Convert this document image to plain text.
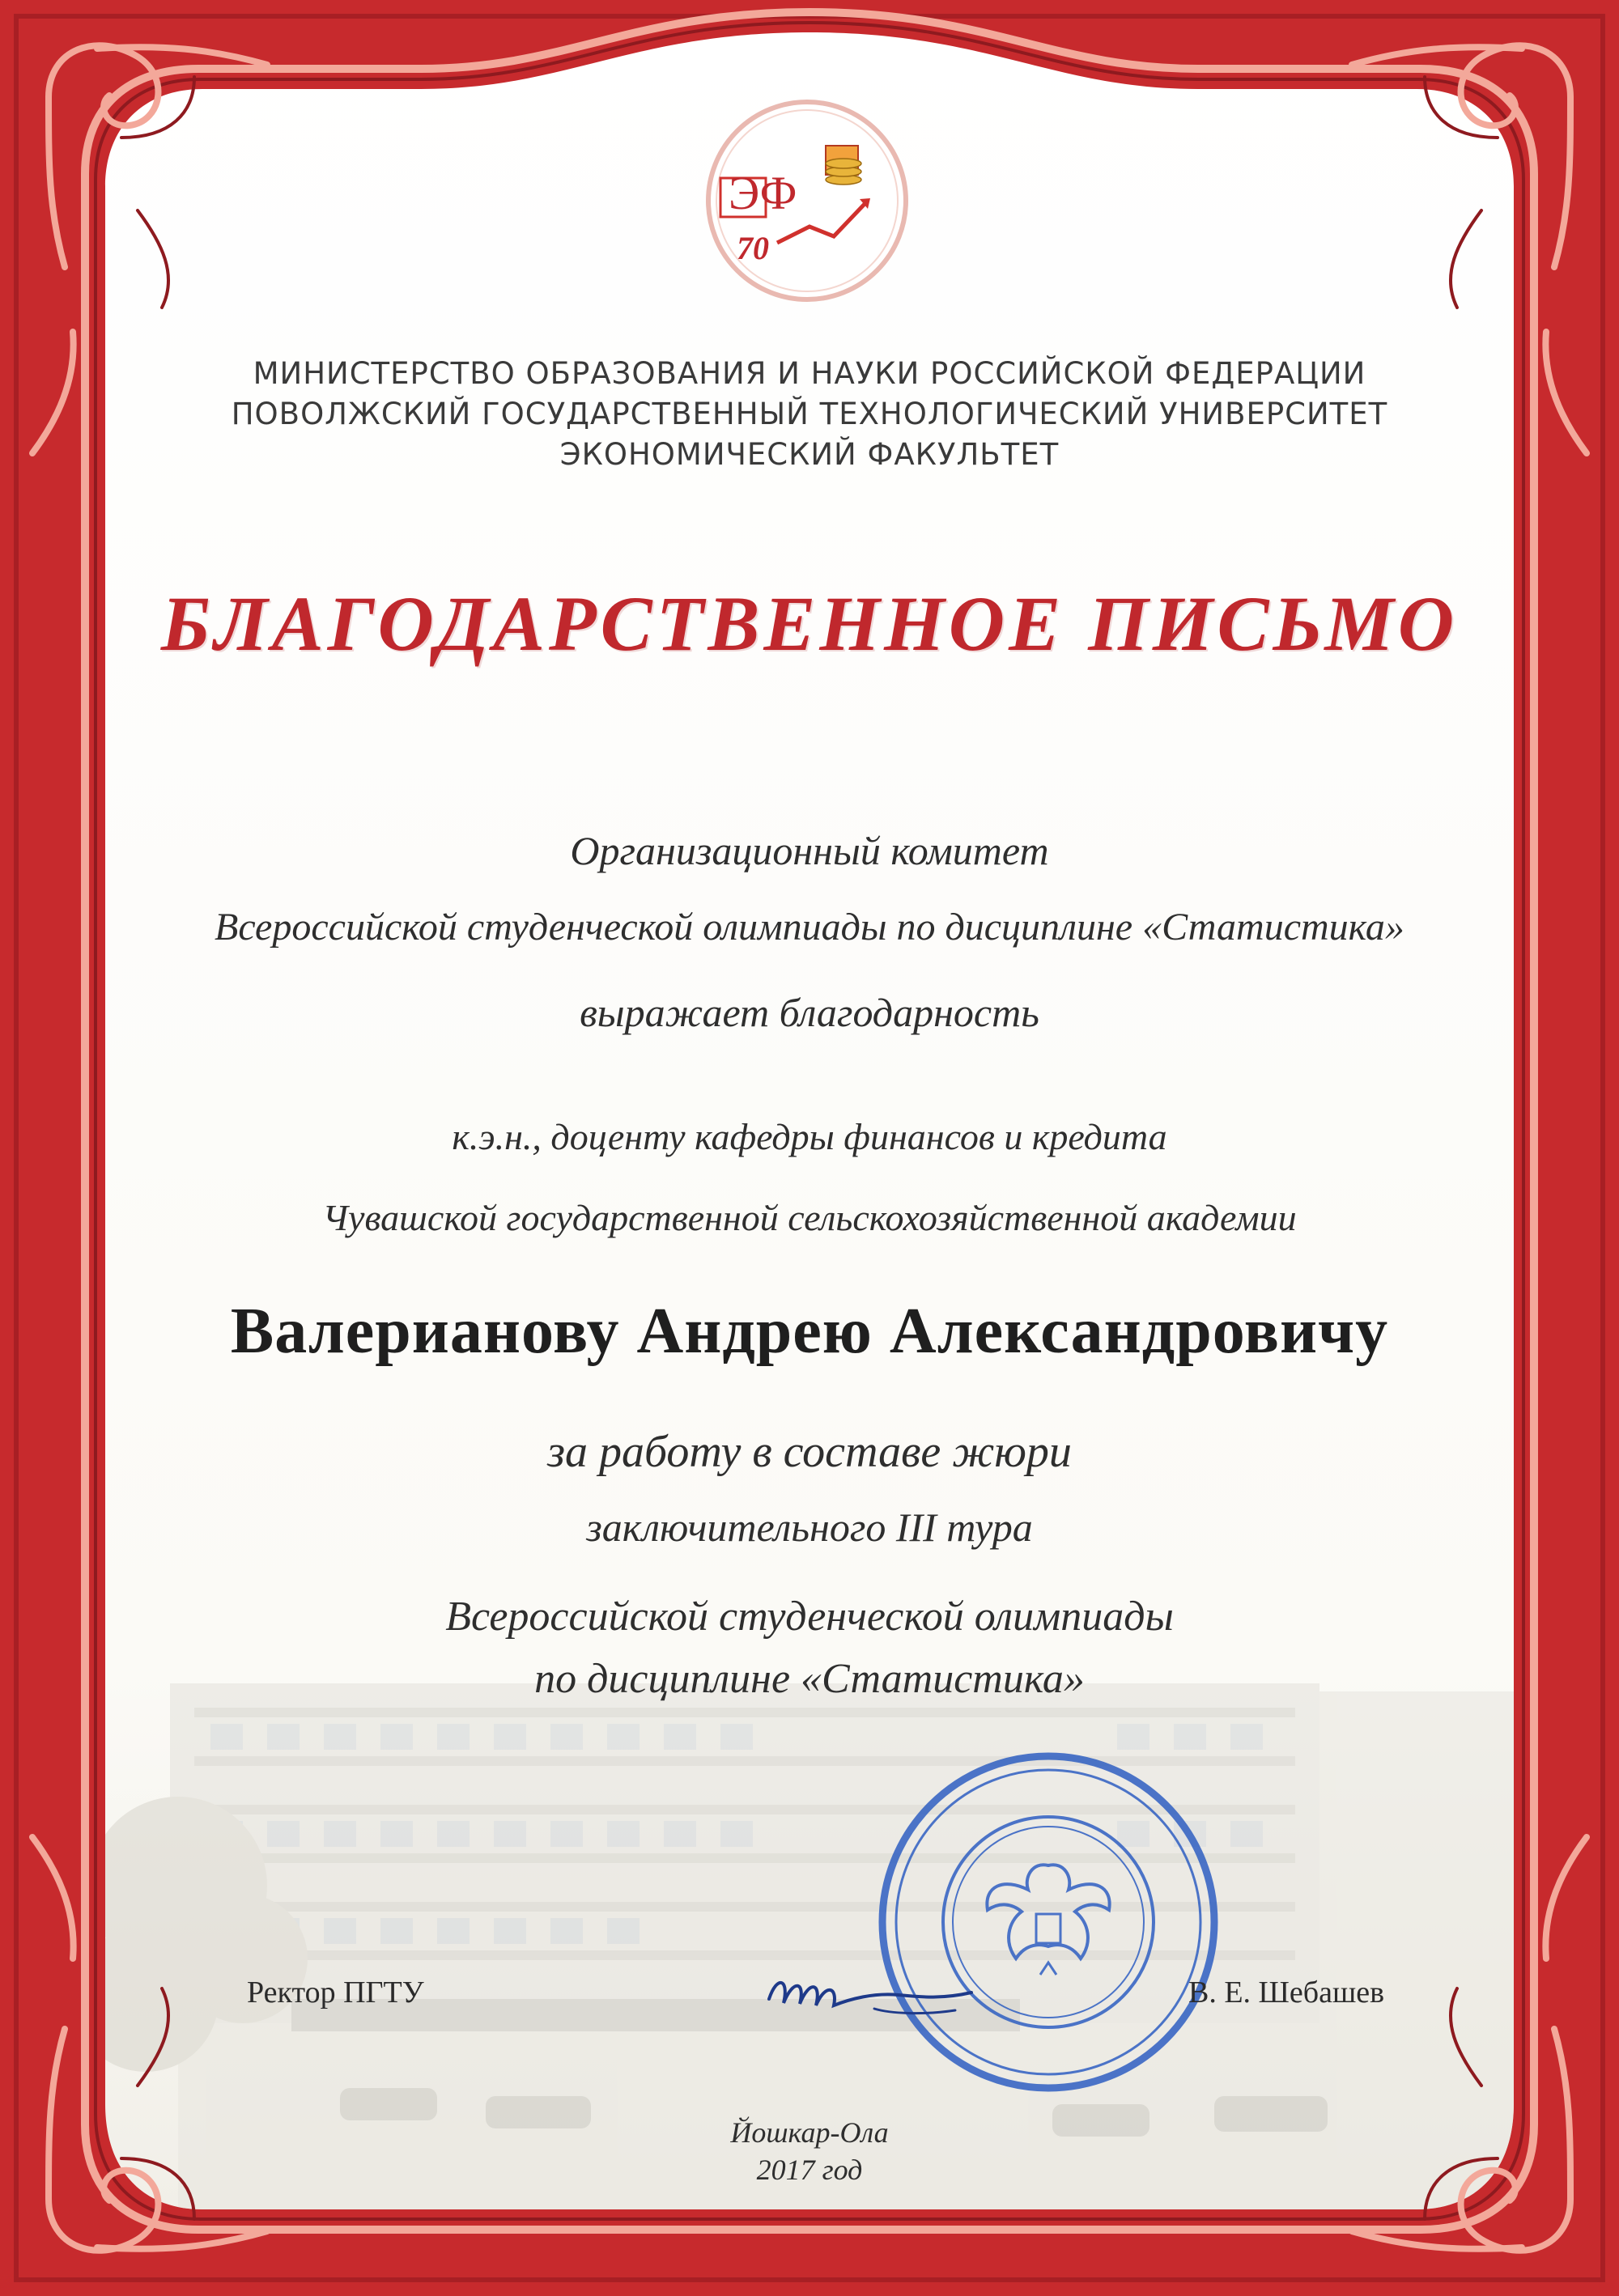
ЭФ
70

МИНИСТЕРСТВО ОБРАЗОВАНИЯ И НАУКИ РОССИЙСКОЙ ФЕДЕРАЦИИ

ПОВОЛЖСКИЙ ГОСУДАРСТВЕННЫЙ ТЕХНОЛОГИЧЕСКИЙ УНИВЕРСИТЕТ

ЭКОНОМИЧЕСКИЙ ФАКУЛЬТЕТ

БЛАГОДАРСТВЕННОЕ ПИСЬМО

Организационный комитет

Всероссийской студенческой олимпиады по дисциплине «Статистика»

выражает благодарность

к.э.н., доценту кафедры финансов и кредита

Чувашской государственной сельскохозяйственной академии

Валерианову Андрею Александровичу

за работу в составе жюри

заключительного III тура

Всероссийской студенческой олимпиады

по дисциплине «Статистика»

Ректор ПГТУ	В. Е. Шебашев

Йошкар-Ола

2017 год
